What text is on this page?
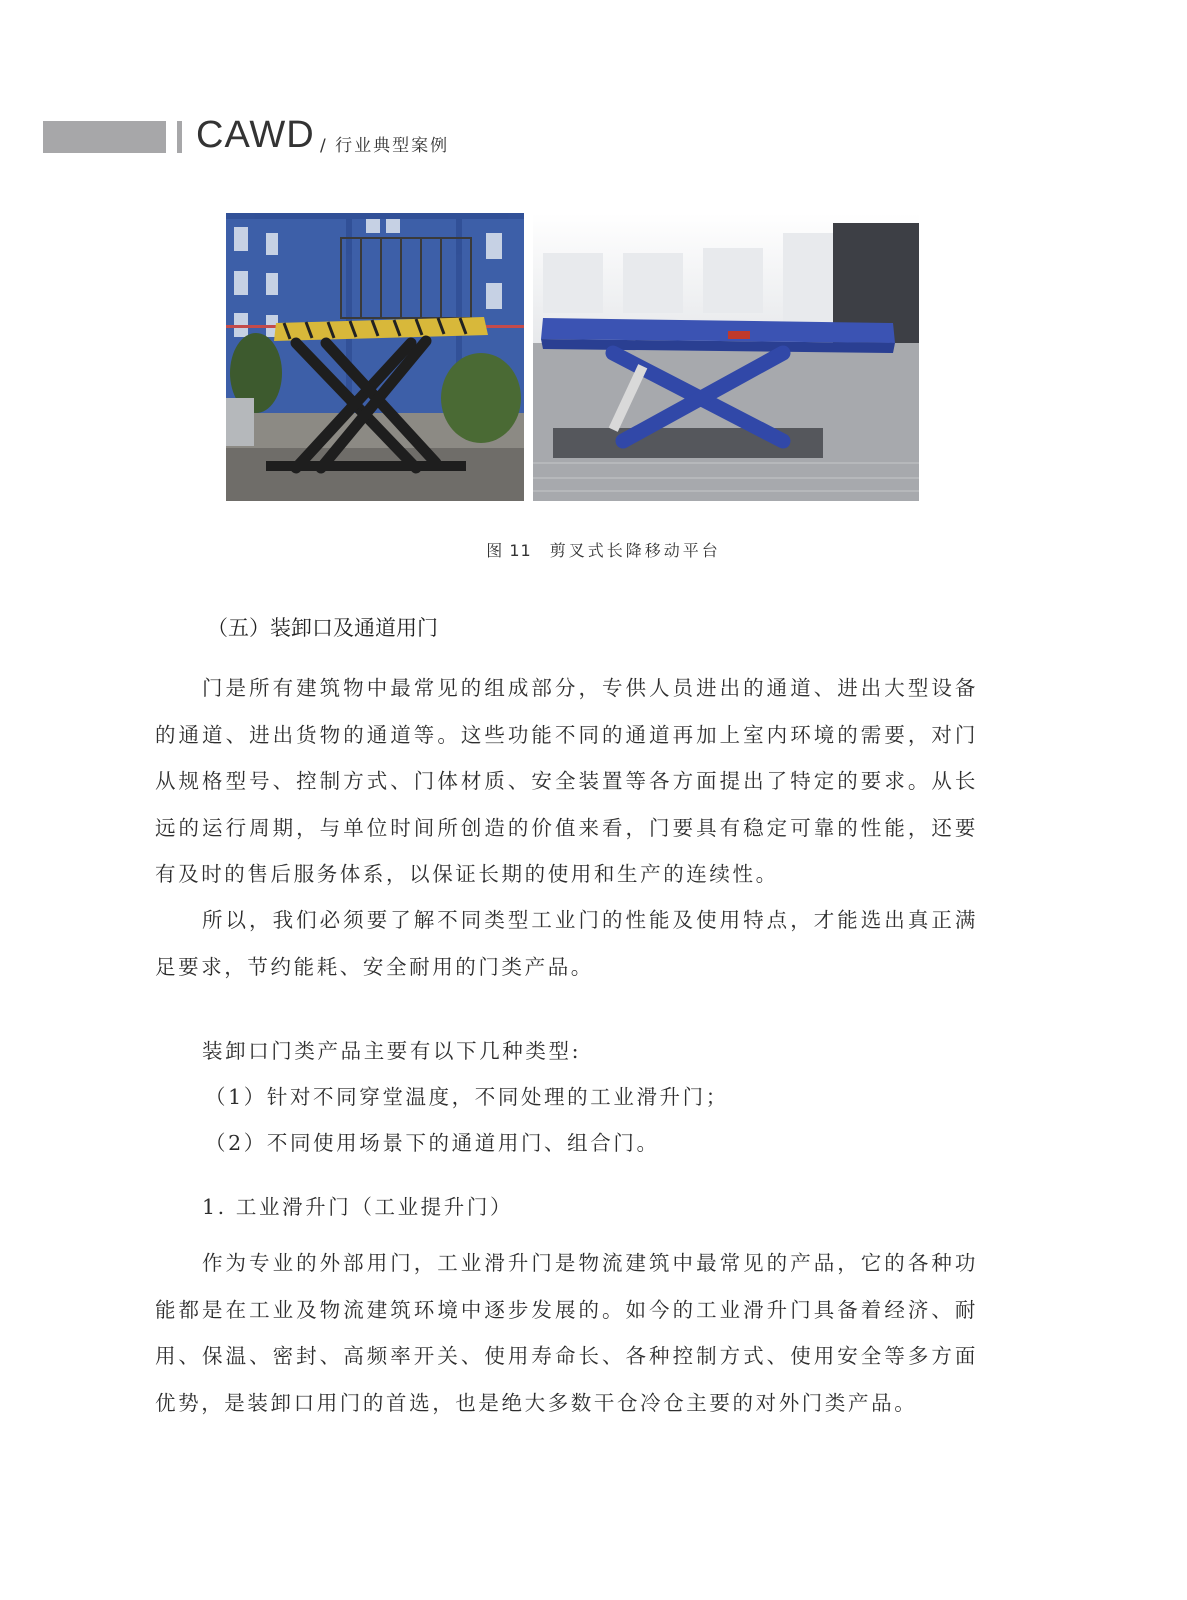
CAWD / 行业典型案例
图 11 剪叉式长降移动平台
（五）装卸口及通道用门

门是所有建筑物中最常见的组成部分，专供人员进出的通道、进出大型设备的通道、进出货物的通道等。这些功能不同的通道再加上室内环境的需要，对门从规格型号、控制方式、门体材质、安全装置等各方面提出了特定的要求。从长远的运行周期，与单位时间所创造的价值来看，门要具有稳定可靠的性能，还要有及时的售后服务体系，以保证长期的使用和生产的连续性。

所以，我们必须要了解不同类型工业门的性能及使用特点，才能选出真正满足要求，节约能耗、安全耐用的门类产品。

装卸口门类产品主要有以下几种类型:
（1）针对不同穿堂温度，不同处理的工业滑升门；
（2）不同使用场景下的通道用门、组合门。
1. 工业滑升门（工业提升门）

作为专业的外部用门，工业滑升门是物流建筑中最常见的产品，它的各种功能都是在工业及物流建筑环境中逐步发展的。如今的工业滑升门具备着经济、耐用、保温、密封、高频率开关、使用寿命长、各种控制方式、使用安全等多方面优势，是装卸口用门的首选，也是绝大多数干仓冷仓主要的对外门类产品。
